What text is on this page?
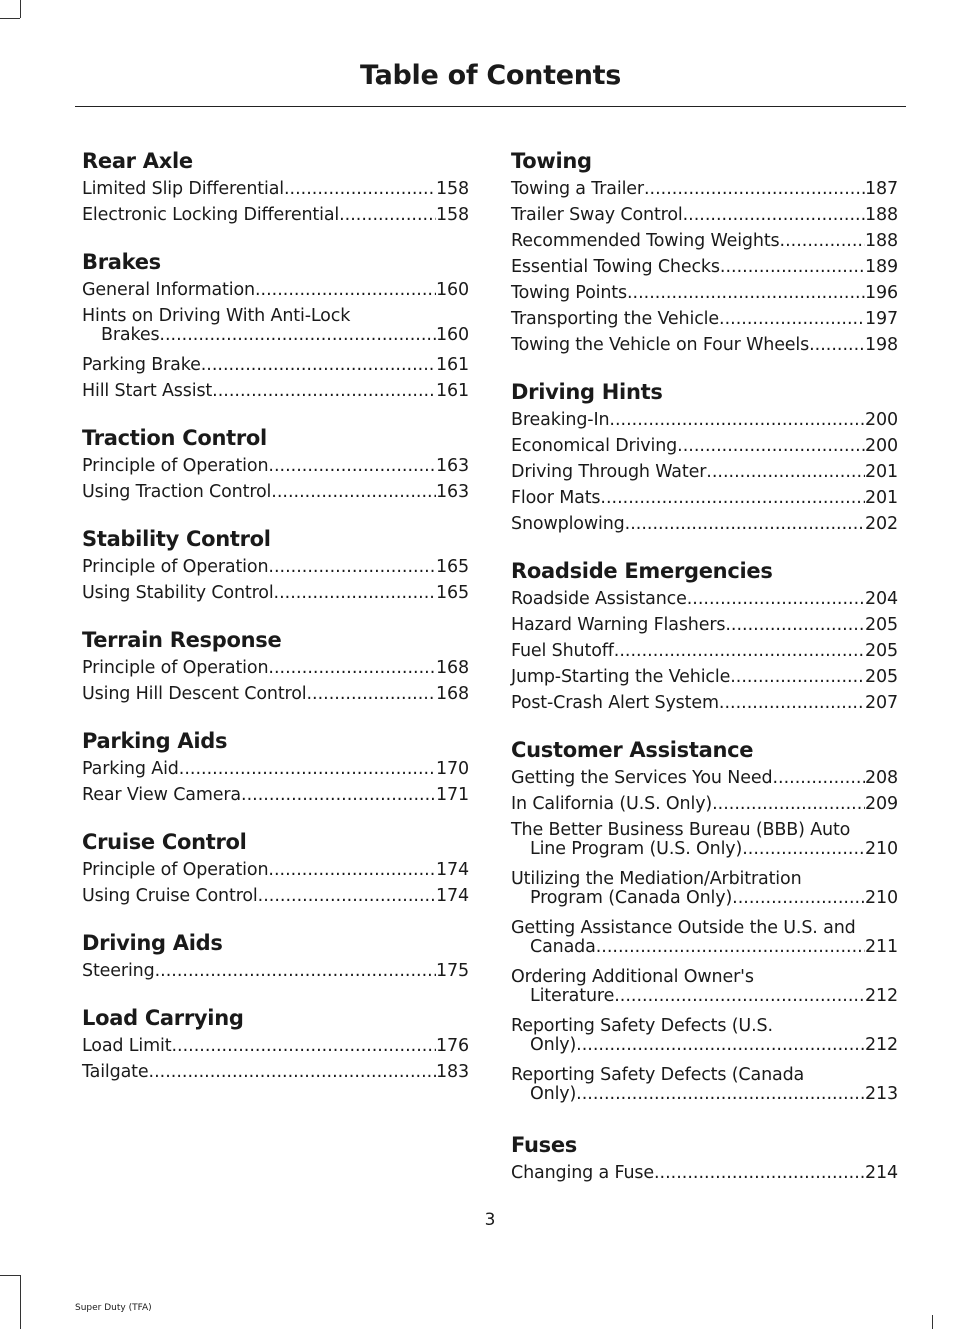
Table of Contents
Rear Axle
Limited Slip Differential .....	158
Electronic Locking Differential .....	158
Brakes
General Information .....	160
Hints on Driving With Anti-Lock
Brakes .....	160
Parking Brake .....	161
Hill Start Assist .....	161
Traction Control
Principle of Operation .....	163
Using Traction Control .....	163
Stability Control
Principle of Operation .....	165
Using Stability Control .....	165
Terrain Response
Principle of Operation .....	168
Using Hill Descent Control .....	168
Parking Aids
Parking Aid .....	170
Rear View Camera .....	171
Cruise Control
Principle of Operation .....	174
Using Cruise Control .....	174
Driving Aids
Steering .....	175
Load Carrying
Load Limit .....	176
Tailgate .....	183
Towing
Towing a Trailer .....	187
Trailer Sway Control .....	188
Recommended Towing Weights .....	188
Essential Towing Checks .....	189
Towing Points .....	196
Transporting the Vehicle .....	197
Towing the Vehicle on Four Wheels .....	198
Driving Hints
Breaking-In .....	200
Economical Driving .....	200
Driving Through Water .....	201
Floor Mats .....	201
Snowplowing .....	202
Roadside Emergencies
Roadside Assistance .....	204
Hazard Warning Flashers .....	205
Fuel Shutoff .....	205
Jump-Starting the Vehicle .....	205
Post-Crash Alert System .....	207
Customer Assistance
Getting the Services You Need .....	208
In California (U.S. Only) .....	209
The Better Business Bureau (BBB) Auto
Line Program (U.S. Only) .....	210
Utilizing the Mediation/Arbitration
Program (Canada Only) .....	210
Getting Assistance Outside the U.S. and
Canada .....	211
Ordering Additional Owner's
Literature .....	212
Reporting Safety Defects (U.S.
Only) .....	212
Reporting Safety Defects (Canada
Only) .....	213
Fuses
Changing a Fuse .....	214
3
Super Duty (TFA)
